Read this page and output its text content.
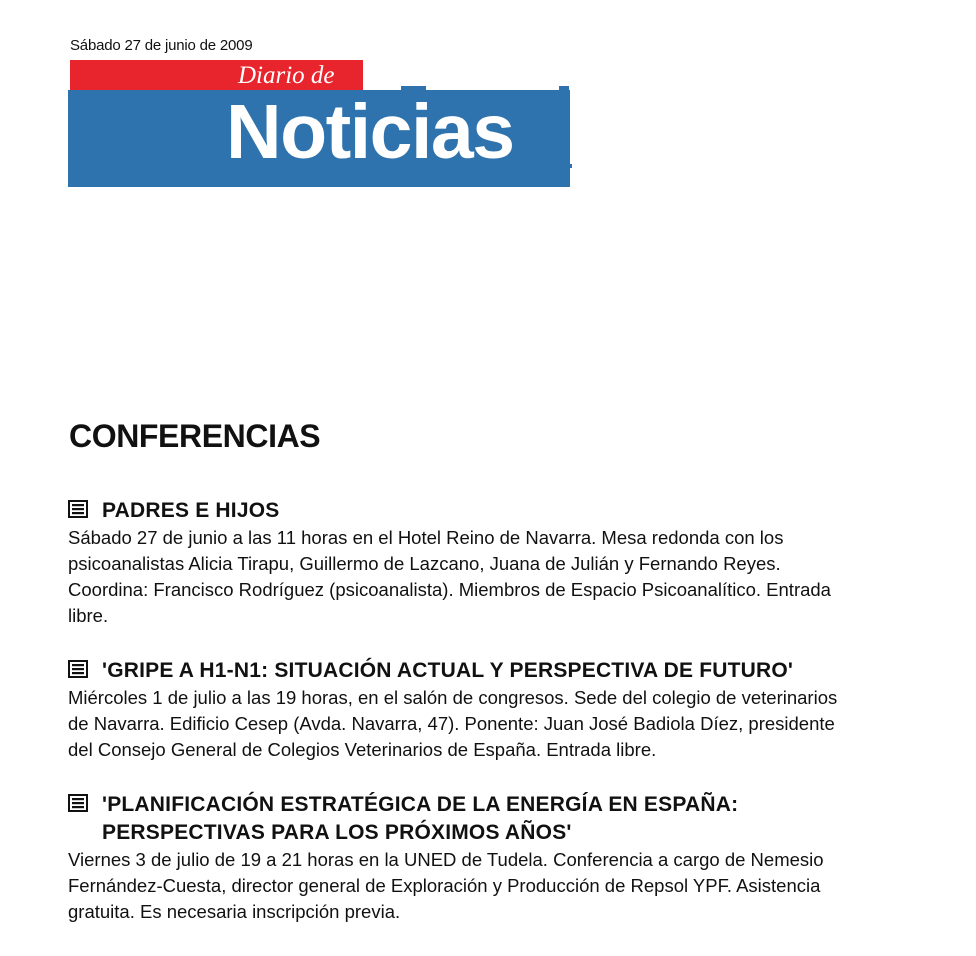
Sábado 27 de junio de 2009
Diario de
Noticias
CONFERENCIAS
PADRES E HIJOS
Sábado 27 de junio a las 11 horas en el Hotel Reino de Navarra. Mesa redonda con los
psicoanalistas Alicia Tirapu, Guillermo de Lazcano, Juana de Julián y Fernando Reyes.
Coordina: Francisco Rodríguez (psicoanalista). Miembros de Espacio Psicoanalítico. Entrada
libre.
'GRIPE A H1-N1: SITUACIÓN ACTUAL Y PERSPECTIVA DE FUTURO'
Miércoles 1 de julio a las 19 horas, en el salón de congresos. Sede del colegio de veterinarios
de Navarra. Edificio Cesep (Avda. Navarra, 47). Ponente: Juan José Badiola Díez, presidente
del Consejo General de Colegios Veterinarios de España. Entrada libre.
'PLANIFICACIÓN ESTRATÉGICA DE LA ENERGÍA EN ESPAÑA:
PERSPECTIVAS PARA LOS PRÓXIMOS AÑOS'
Viernes 3 de julio de 19 a 21 horas en la UNED de Tudela. Conferencia a cargo de Nemesio
Fernández-Cuesta, director general de Exploración y Producción de Repsol YPF. Asistencia
gratuita. Es necesaria inscripción previa.
